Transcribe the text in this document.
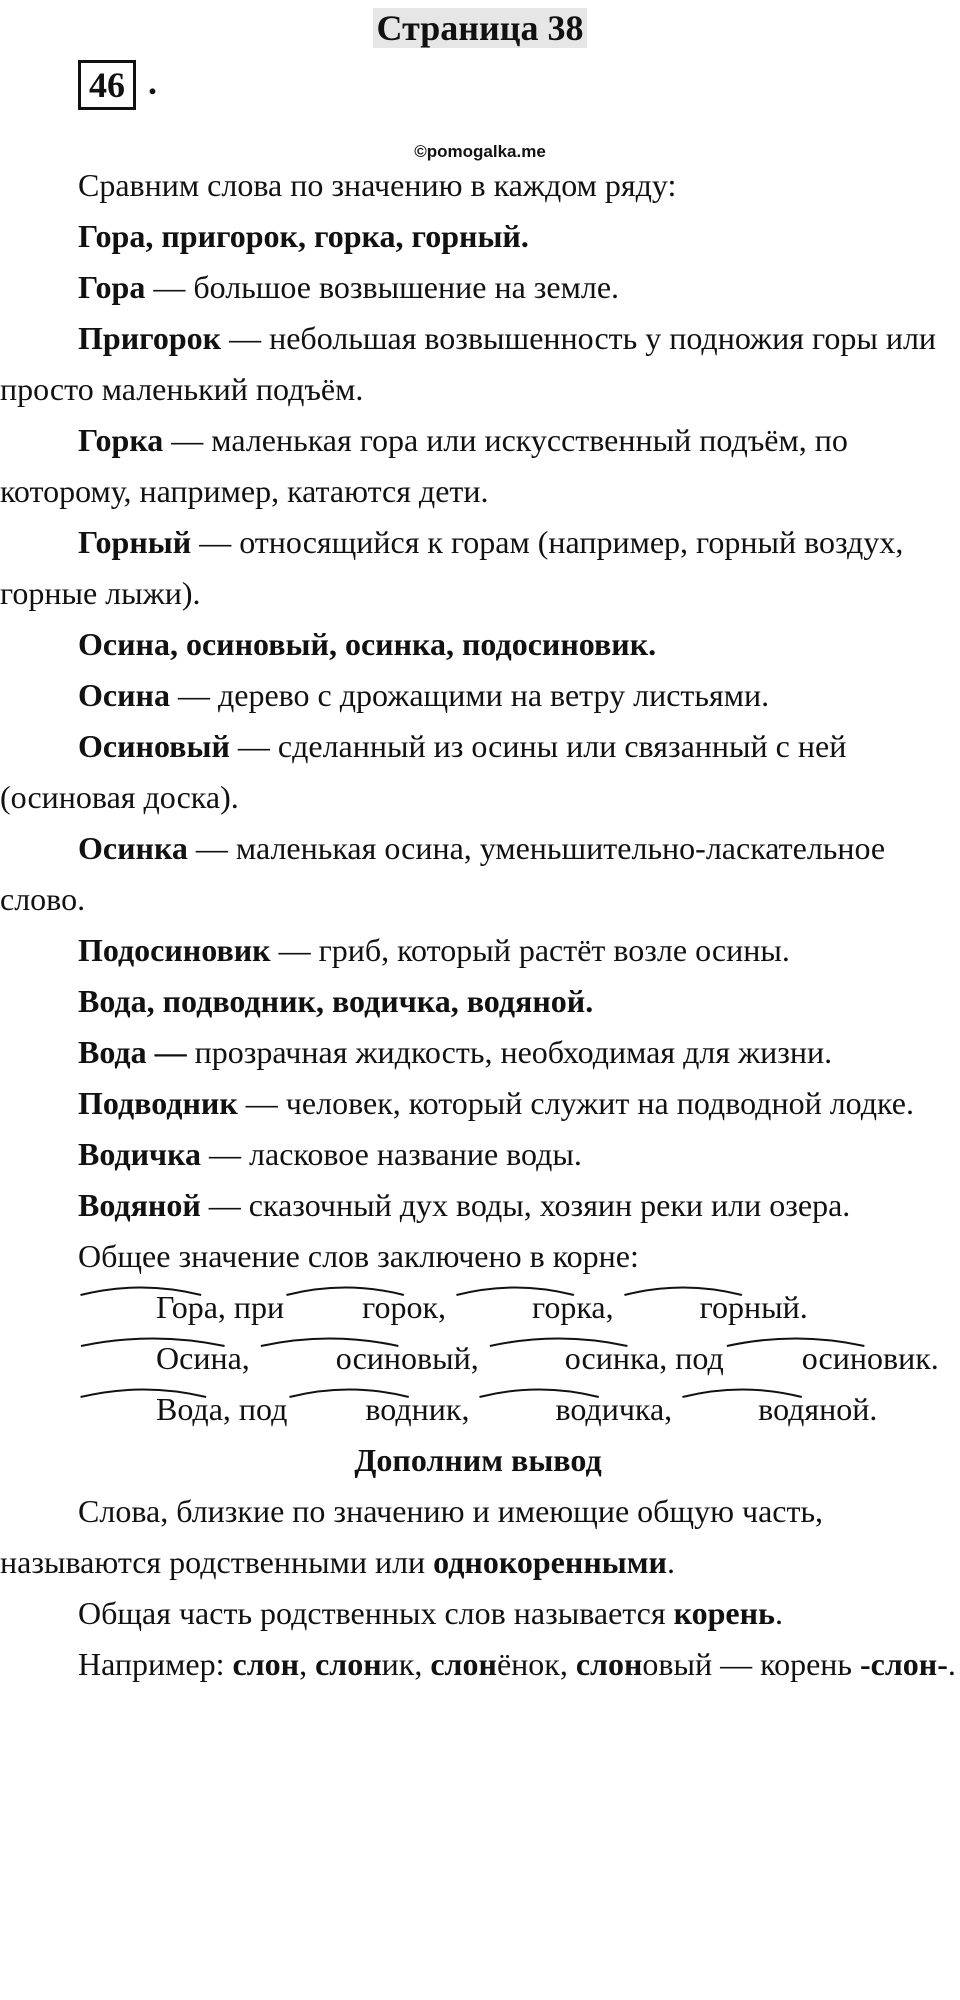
Страница 38
46 .
©pomogalka.me

Сравним слова по значению в каждом ряду:

Гора, пригорок, горка, горный.

Гора — большое возвышение на земле.

Пригорок — небольшая возвышенность у подножия горы или просто маленький подъём.

Горка — маленькая гора или искусственный подъём, по которому, например, катаются дети.

Горный — относящийся к горам (например, горный воздух, горные лыжи).

Осина, осиновый, осинка, подосиновик.

Осина — дерево с дрожащими на ветру листьями.

Осиновый — сделанный из осины или связанный с ней (осиновая доска).

Осинка — маленькая осина, уменьшительно-ласкательное слово.

Подосиновик — гриб, который растёт возле осины.

Вода, подводник, водичка, водяной.

Вода — прозрачная жидкость, необходимая для жизни.

Подводник — человек, который служит на подводной лодке.

Водичка — ласковое название воды.

Водяной — сказочный дух воды, хозяин реки или озера.

Общее значение слов заключено в корне:

Гор
а, при гор
ок, гор
ка, гор
ный.

Осин
а, осин
овый, осин
ка, под осин
овик.

Вод
а, под вод
ник, вод
ичка, вод
яной.

Дополним вывод

Слова, близкие по значению и имеющие общую часть, называются родственными или однокоренными.

Общая часть родственных слов называется корень.

Например: слон, слоник, слонёнок, слоновый — корень -слон-.
